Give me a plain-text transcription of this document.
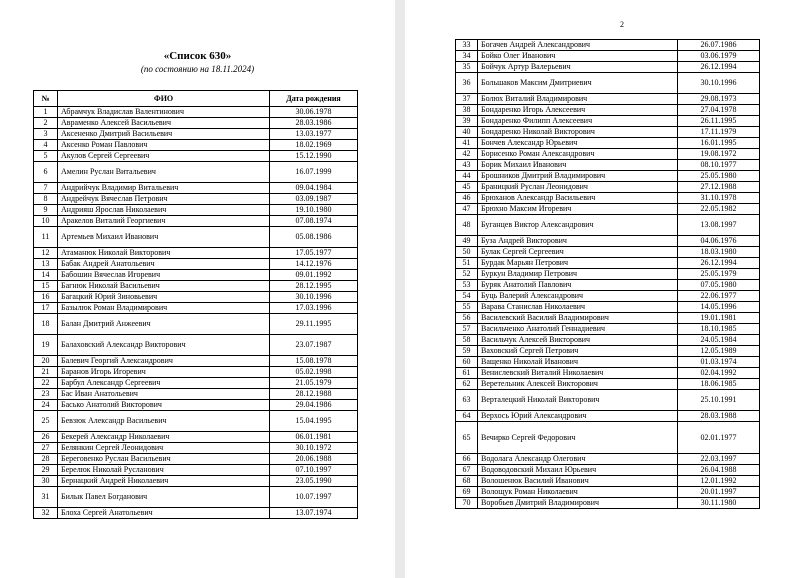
«Список 630»
(по состоянию на 18.11.2024)
№	ФИО	Дата рождения
1	Абрамчук Владислав Валентинович	30.06.1978
2	Авраменко Алексей Васильевич	28.03.1986
3	Аксененко Дмитрий Васильевич	13.03.1977
4	Аксенко Роман Павлович	18.02.1969
5	Акулов Сергей Сергеевич	15.12.1990
6	Амелин Руслан Витальевич	16.07.1999
7	Андрийчук Владимир Витальевич	09.04.1984
8	Андрейчук Вячеслав Петрович	03.09.1987
9	Андрияш Ярослав Николаевич	19.10.1980
10	Аракелов Виталий Георгиевич	07.08.1974
11	Артемьев Михаил Иванович	05.08.1986
12	Атаманюк Николай Викторович	17.05.1977
13	Бабак Андрей Анатольевич	14.12.1976
14	Бабошин Вячеслав Игоревич	09.01.1992
15	Багнюк Николай Васильевич	28.12.1995
16	Багацкий Юрий Зиновьевич	30.10.1996
17	Базылюк Роман Владимирович	17.03.1996
18	Балан Дмитрий Анжеевич	29.11.1995
19	Балаховский Александр Викторович	23.07.1987
20	Балевич Георгий Александрович	15.08.1978
21	Баранов Игорь Игоревич	05.02.1998
22	Барбул Александр Сергеевич	21.05.1979
23	Бас Иван Анатольевич	28.12.1988
24	Басько Анатолий Викторович	29.04.1986
25	Бевзюк Александр Васильевич	15.04.1995
26	Бекерей Александр Николаевич	06.01.1981
27	Белянкин Сергей Леонидович	30.10.1972
28	Береговенко Руслан Васильевич	20.06.1988
29	Берелюк Николай Русланович	07.10.1997
30	Бернацкий Андрей Николаевич	23.05.1990
31	Билык Павел Богданович	10.07.1997
32	Блоха Сергей Анатольевич	13.07.1974
2
33	Богачев Андрей Александрович	26.07.1986
34	Бойко Олег Иванович	03.06.1979
35	Бойчук Артур Валерьевич	26.12.1994
36	Большаков Максим Дмитриевич	30.10.1996
37	Болюх Виталий Владимирович	29.08.1973
38	Бондаренко Игорь Алексеевич	27.04.1978
39	Бондаренко Филипп Алексеевич	26.11.1995
40	Бондаренко Николай Викторович	17.11.1979
41	Бончев Александр Юрьевич	16.01.1995
42	Борисенко Роман Александрович	19.08.1972
43	Борик Михаил Иванович	08.10.1977
44	Брошников Дмитрий Владимирович	25.05.1980
45	Браницкий Руслан Леонидович	27.12.1988
46	Брюханов Александр Васильевич	31.10.1978
47	Брюхно Максим Игоревич	22.05.1982
48	Буганцев Виктор Александрович	13.08.1997
49	Буза Андрей Викторович	04.06.1976
50	Булак Сергей Сергеевич	18.03.1980
51	Бурдак Марьян Петрович	26.12.1994
52	Буркун Владимир Петрович	25.05.1979
53	Буряк Анатолий Павлович	07.05.1980
54	Буць Валерий Александрович	22.06.1977
55	Варава Станислав Николаевич	14.05.1996
56	Василевский Василий Владимирович	19.01.1981
57	Васильченко Анатолий Геннадиевич	18.10.1985
58	Васильчук Алексей Викторович	24.05.1984
59	Ваховский Сергей Петрович	12.05.1989
60	Ващенко Николай Иванович	01.03.1974
61	Венислевский Виталий Николаевич	02.04.1992
62	Веретельник Алексей Викторович	18.06.1985
63	Верталецкий Николай Викторович	25.10.1991
64	Верхось Юрий Александрович	28.03.1988
65	Вечирко Сергей Федорович	02.01.1977
66	Водолага Александр Олегович	22.03.1997
67	Водоводовский Михаил Юрьевич	26.04.1988
68	Волошенюк Василий Иванович	12.01.1992
69	Волощук Роман Николаевич	20.01.1997
70	Воробьев Дмитрий Владимирович	30.11.1980
